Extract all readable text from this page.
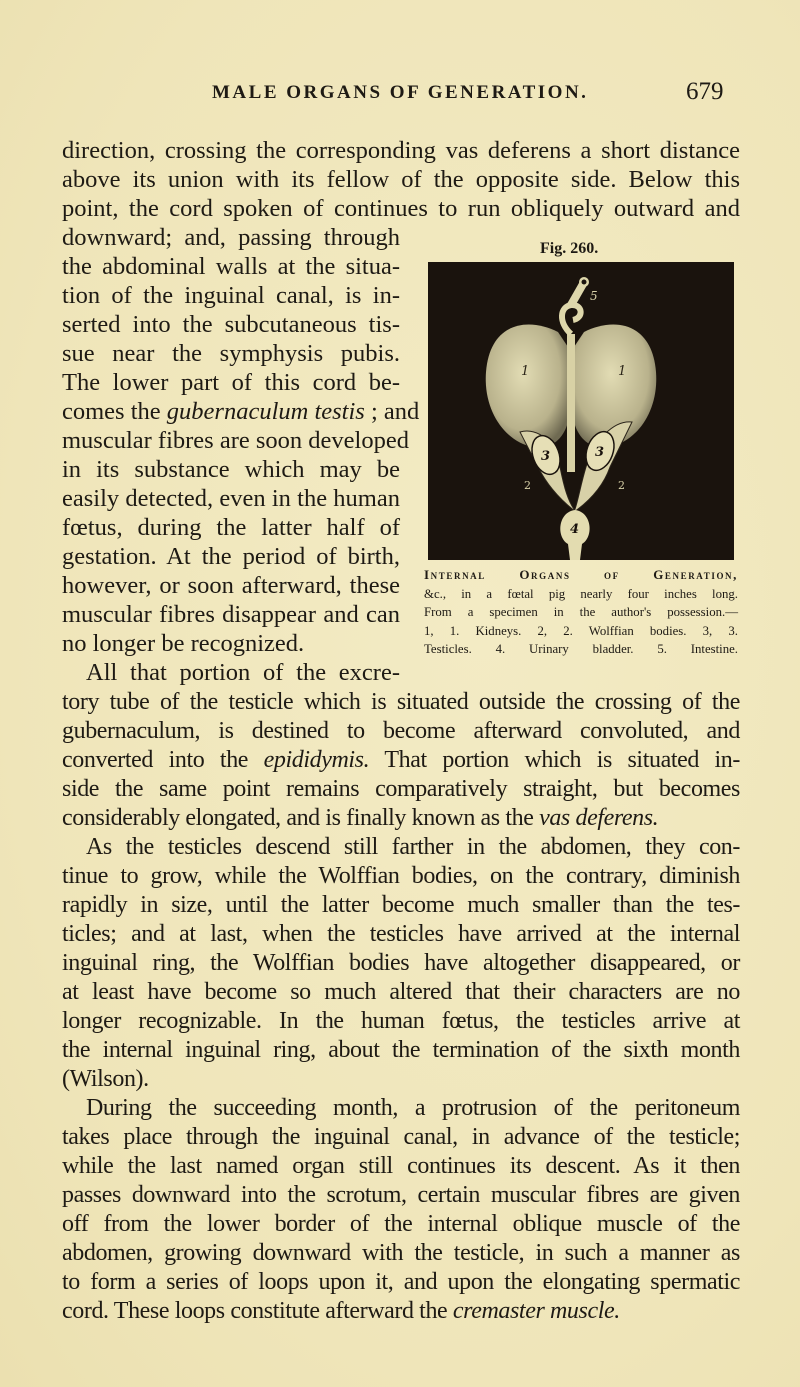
MALE ORGANS OF GENERATION.	679
direction, crossing the corresponding vas deferens a short distance
above its union with its fellow of the opposite side. Below this
point, the cord spoken of continues to run obliquely outward and
downward; and, passing through
the abdominal walls at the situa-
tion of the inguinal canal, is in-
serted into the subcutaneous tis-
sue near the symphysis pubis.
The lower part of this cord be-
comes the gubernaculum testis ; and
muscular fibres are soon developed
in its substance which may be
easily detected, even in the human
fœtus, during the latter half of
gestation. At the period of birth,
however, or soon afterward, these
muscular fibres disappear and can
no longer be recognized.
All that portion of the excre-
Fig. 260.
5
1	1
3	3
2	2
4
Internal Organs of Generation,
&c., in a fœtal pig nearly four inches long.
From a specimen in the author's possession.—
1, 1. Kidneys. 2, 2. Wolffian bodies. 3, 3.
Testicles. 4. Urinary bladder. 5. Intestine.
tory tube of the testicle which is situated outside the crossing of the
gubernaculum, is destined to become afterward convoluted, and
converted into the epididymis. That portion which is situated in-
side the same point remains comparatively straight, but becomes
considerably elongated, and is finally known as the vas deferens.
As the testicles descend still farther in the abdomen, they con-
tinue to grow, while the Wolffian bodies, on the contrary, diminish
rapidly in size, until the latter become much smaller than the tes-
ticles; and at last, when the testicles have arrived at the internal
inguinal ring, the Wolffian bodies have altogether disappeared, or
at least have become so much altered that their characters are no
longer recognizable. In the human fœtus, the testicles arrive at
the internal inguinal ring, about the termination of the sixth month
(Wilson).
During the succeeding month, a protrusion of the peritoneum
takes place through the inguinal canal, in advance of the testicle;
while the last named organ still continues its descent. As it then
passes downward into the scrotum, certain muscular fibres are given
off from the lower border of the internal oblique muscle of the
abdomen, growing downward with the testicle, in such a manner as
to form a series of loops upon it, and upon the elongating spermatic
cord. These loops constitute afterward the cremaster muscle.
